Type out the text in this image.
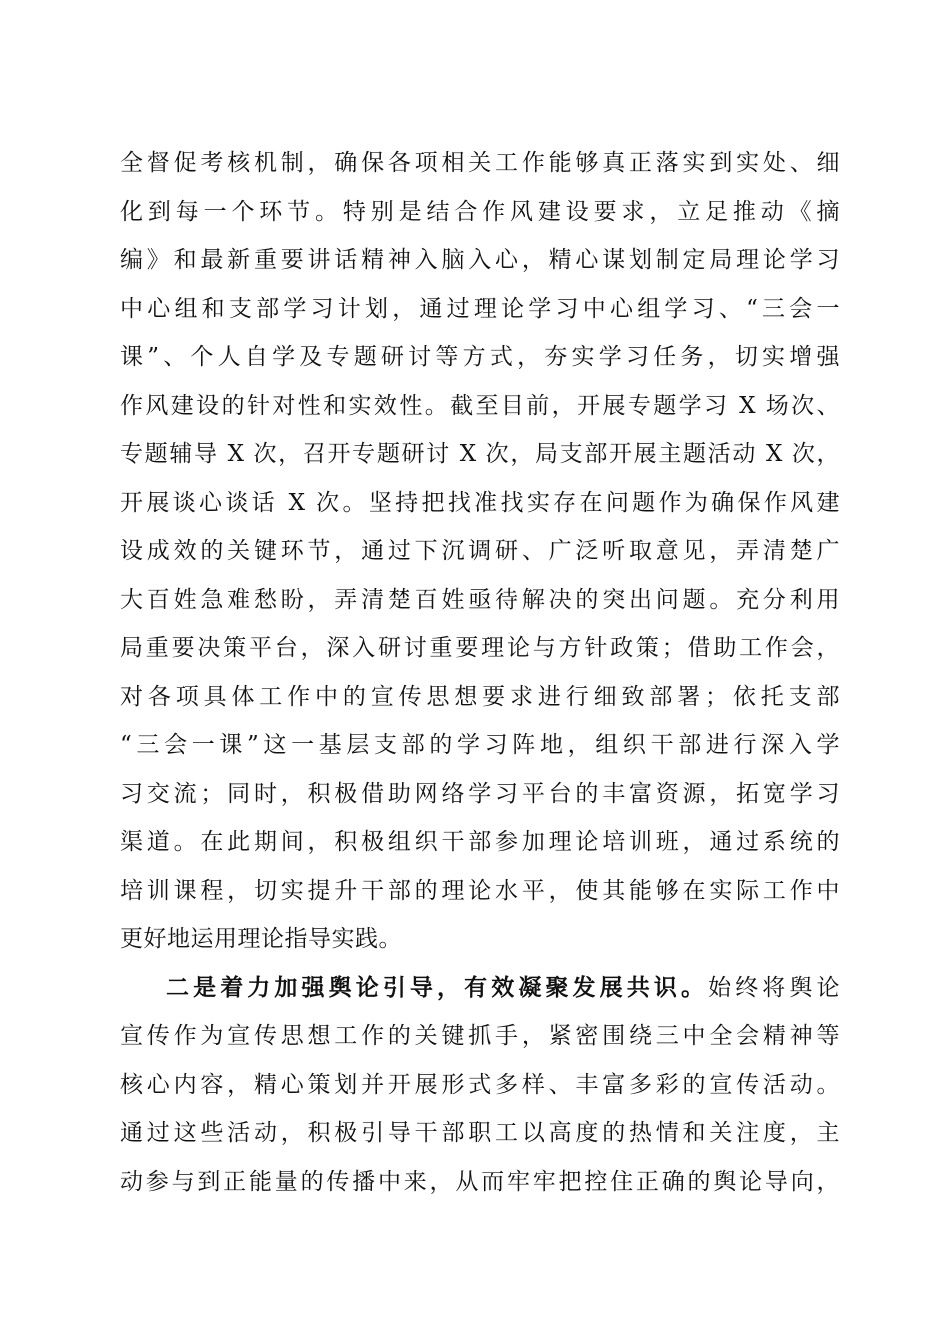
全督促考核机制，确保各项相关工作能够真正落实到实处、细
化到每一个环节。特别是结合作风建设要求，立足推动《摘
编》和最新重要讲话精神入脑入心，精心谋划制定局理论学习
中心组和支部学习计划，通过理论学习中心组学习、“三会一
课”、个人自学及专题研讨等方式，夯实学习任务，切实增强
作风建设的针对性和实效性。截至目前，开展专题学习 X 场次、
专题辅导 X 次，召开专题研讨 X 次，局支部开展主题活动 X 次，
开展谈心谈话 X 次。坚持把找准找实存在问题作为确保作风建
设成效的关键环节，通过下沉调研、广泛听取意见，弄清楚广
大百姓急难愁盼，弄清楚百姓亟待解决的突出问题。充分利用
局重要决策平台，深入研讨重要理论与方针政策；借助工作会，
对各项具体工作中的宣传思想要求进行细致部署；依托支部
“三会一课”这一基层支部的学习阵地，组织干部进行深入学
习交流；同时，积极借助网络学习平台的丰富资源，拓宽学习
渠道。在此期间，积极组织干部参加理论培训班，通过系统的
培训课程，切实提升干部的理论水平，使其能够在实际工作中
更好地运用理论指导实践。
二是着力加强舆论引导，有效凝聚发展共识。始终将舆论
宣传作为宣传思想工作的关键抓手，紧密围绕三中全会精神等
核心内容，精心策划并开展形式多样、丰富多彩的宣传活动。
通过这些活动，积极引导干部职工以高度的热情和关注度，主
动参与到正能量的传播中来，从而牢牢把控住正确的舆论导向，
